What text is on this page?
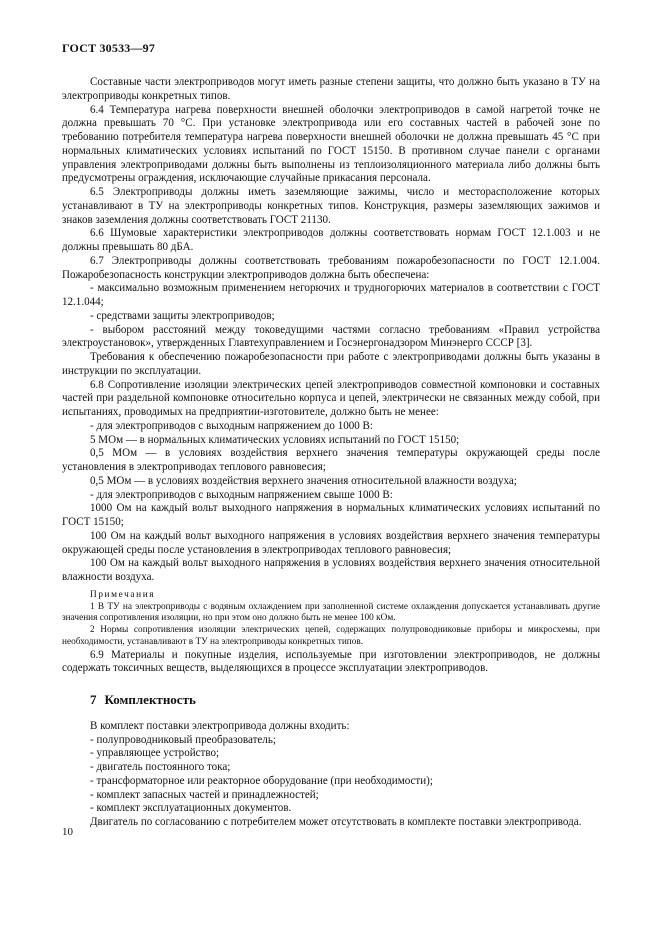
ГОСТ 30533—97

Составные части электроприводов могут иметь разные степени защиты, что должно быть указано в ТУ на электроприводы конкретных типов.

6.4 Температура нагрева поверхности внешней оболочки электроприводов в самой нагретой точке не должна превышать 70 °С. При установке электропривода или его составных частей в рабочей зоне по требованию потребителя температура нагрева поверхности внешней оболочки не должна превышать 45 °С при нормальных климатических условиях испытаний по ГОСТ 15150. В противном случае панели с органами управления электроприводами должны быть выполнены из теплоизоляционного материала либо должны быть предусмотрены ограждения, исключающие случайные прикасания персонала.

6.5 Электроприводы должны иметь заземляющие зажимы, число и месторасположение которых устанавливают в ТУ на электроприводы конкретных типов. Конструкция, размеры заземляющих зажимов и знаков заземления должны соответствовать ГОСТ 21130.

6.6 Шумовые характеристики электроприводов должны соответствовать нормам ГОСТ 12.1.003 и не должны превышать 80 дБА.

6.7 Электроприводы должны соответствовать требованиям пожаробезопасности по ГОСТ 12.1.004. Пожаробезопасность конструкции электроприводов должна быть обеспечена:

- максимально возможным применением негорючих и трудногорючих материалов в соответствии с ГОСТ 12.1.044;

- средствами защиты электроприводов;

- выбором расстояний между токоведущими частями согласно требованиям «Правил устройства электроустановок», утвержденных Главтехуправлением и Госэнергонадзором Минэнерго СССР [3].

Требования к обеспечению пожаробезопасности при работе с электроприводами должны быть указаны в инструкции по эксплуатации.

6.8 Сопротивление изоляции электрических цепей электроприводов совместной компоновки и составных частей при раздельной компоновке относительно корпуса и цепей, электрически не связанных между собой, при испытаниях, проводимых на предприятии-изготовителе, должно быть не менее:

- для электроприводов с выходным напряжением до 1000 В:

5 МОм — в нормальных климатических условиях испытаний по ГОСТ 15150;

0,5 МОм — в условиях воздействия верхнего значения температуры окружающей среды после установления в электроприводах теплового равновесия;

0,5 МОм — в условиях воздействия верхнего значения относительной влажности воздуха;

- для электроприводов с выходным напряжением свыше 1000 В:

1000 Ом на каждый вольт выходного напряжения в нормальных климатических условиях испытаний по ГОСТ 15150;

100 Ом на каждый вольт выходного напряжения в условиях воздействия верхнего значения температуры окружающей среды после установления в электроприводах теплового равновесия;

100 Ом на каждый вольт выходного напряжения в условиях воздействия верхнего значения относительной влажности воздуха.

Примечания

1 В ТУ на электроприводы с водяным охлаждением при заполненной системе охлаждения допускается устанавливать другие значения сопротивления изоляции, но при этом оно должно быть не менее 100 кОм.

2 Нормы сопротивления изоляции электрических цепей, содержащих полупроводниковые приборы и микросхемы, при необходимости, устанавливают в ТУ на электроприводы конкретных типов.

6.9 Материалы и покупные изделия, используемые при изготовлении электроприводов, не должны содержать токсичных веществ, выделяющихся в процессе эксплуатации электроприводов.

7 Комплектность

В комплект поставки электропривода должны входить:

- полупроводниковый преобразователь;

- управляющее устройство;

- двигатель постоянного тока;

- трансформаторное или реакторное оборудование (при необходимости);

- комплект запасных частей и принадлежностей;

- комплект эксплуатационных документов.

Двигатель по согласованию с потребителем может отсутствовать в комплекте поставки электропривода.

10
